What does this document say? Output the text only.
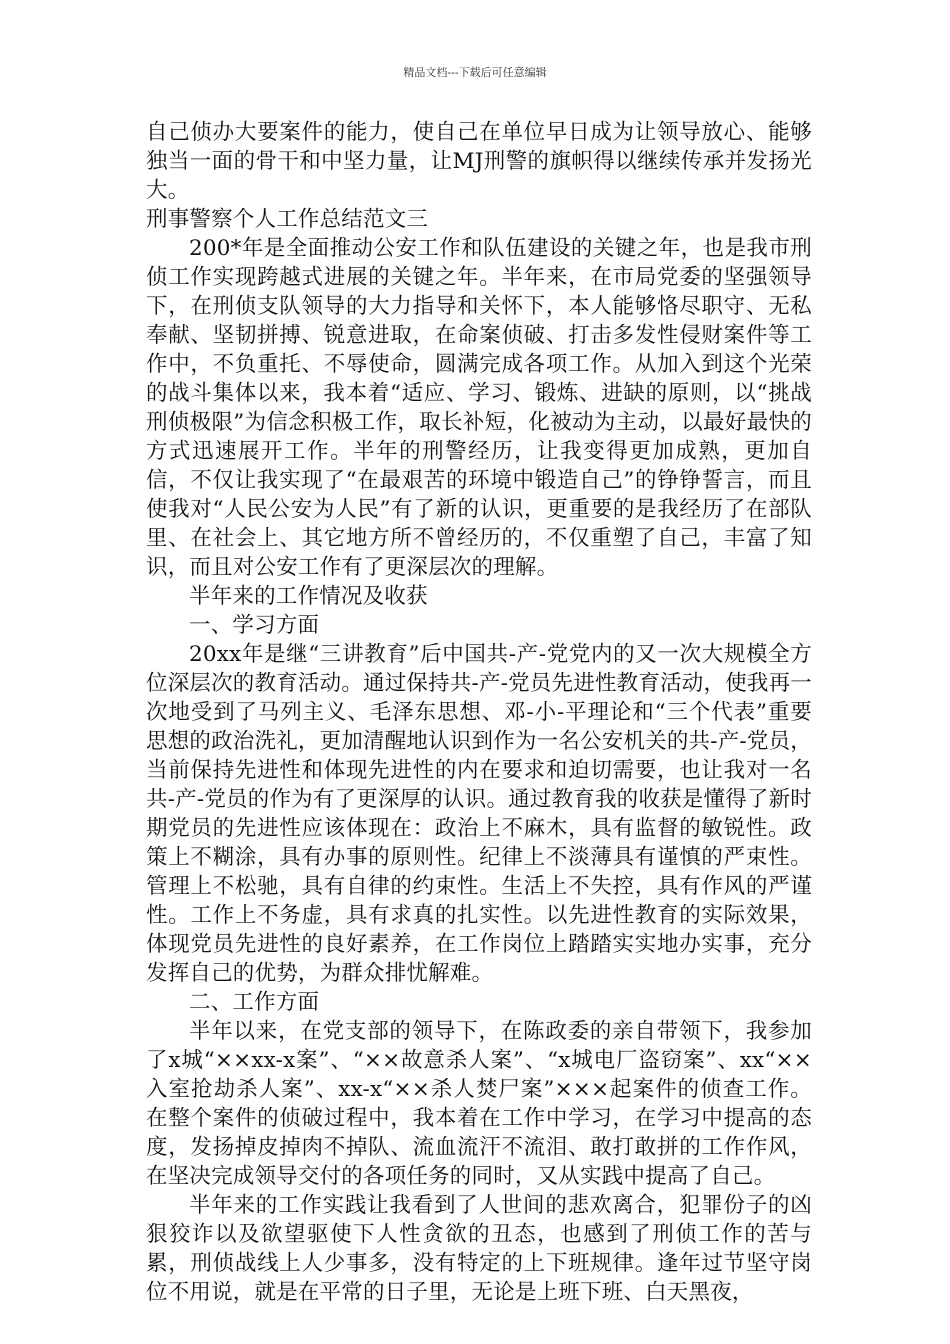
精品文档---下载后可任意编辑

自己侦办大要案件的能力，使自己在单位早日成为让领导放心、能够独当一面的骨干和中坚力量，让MJ刑警的旗帜得以继续传承并发扬光大。

刑事警察个人工作总结范文三

200*年是全面推动公安工作和队伍建设的关键之年，也是我市刑侦工作实现跨越式进展的关键之年。半年来，在市局党委的坚强领导下，在刑侦支队领导的大力指导和关怀下，本人能够恪尽职守、无私奉献、坚韧拼搏、锐意进取，在命案侦破、打击多发性侵财案件等工作中，不负重托、不辱使命，圆满完成各项工作。从加入到这个光荣的战斗集体以来，我本着“适应、学习、锻炼、进缺的原则，以“挑战刑侦极限”为信念积极工作，取长补短，化被动为主动，以最好最快的方式迅速展开工作。半年的刑警经历，让我变得更加成熟，更加自信，不仅让我实现了“在最艰苦的环境中锻造自己”的铮铮誓言，而且使我对“人民公安为人民”有了新的认识，更重要的是我经历了在部队里、在社会上、其它地方所不曾经历的，不仅重塑了自己，丰富了知识，而且对公安工作有了更深层次的理解。

半年来的工作情况及收获

一、学习方面

20xx年是继“三讲教育”后中国共-产-党党内的又一次大规模全方位深层次的教育活动。通过保持共-产-党员先进性教育活动，使我再一次地受到了马列主义、毛泽东思想、邓-小-平理论和“三个代表”重要思想的政治洗礼，更加清醒地认识到作为一名公安机关的共-产-党员，当前保持先进性和体现先进性的内在要求和迫切需要，也让我对一名共-产-党员的作为有了更深厚的认识。通过教育我的收获是懂得了新时期党员的先进性应该体现在：政治上不麻木，具有监督的敏锐性。政策上不糊涂，具有办事的原则性。纪律上不淡薄具有谨慎的严束性。管理上不松驰，具有自律的约束性。生活上不失控，具有作风的严谨性。工作上不务虚，具有求真的扎实性。以先进性教育的实际效果，体现党员先进性的良好素养，在工作岗位上踏踏实实地办实事，充分发挥自己的优势，为群众排忧解难。

二、工作方面

半年以来，在党支部的领导下，在陈政委的亲自带领下，我参加了x城“××xx-x案”、“××故意杀人案”、“x城电厂盗窃案”、xx“××入室抢劫杀人案”、xx-x“××杀人焚尸案”×××起案件的侦查工作。在整个案件的侦破过程中，我本着在工作中学习，在学习中提高的态度，发扬掉皮掉肉不掉队、流血流汗不流泪、敢打敢拼的工作作风，在坚决完成领导交付的各项任务的同时，又从实践中提高了自己。

半年来的工作实践让我看到了人世间的悲欢离合，犯罪份子的凶狠狡诈以及欲望驱使下人性贪欲的丑态，也感到了刑侦工作的苦与累，刑侦战线上人少事多，没有特定的上下班规律。逢年过节坚守岗位不用说，就是在平常的日子里，无论是上班下班、白天黑夜，
